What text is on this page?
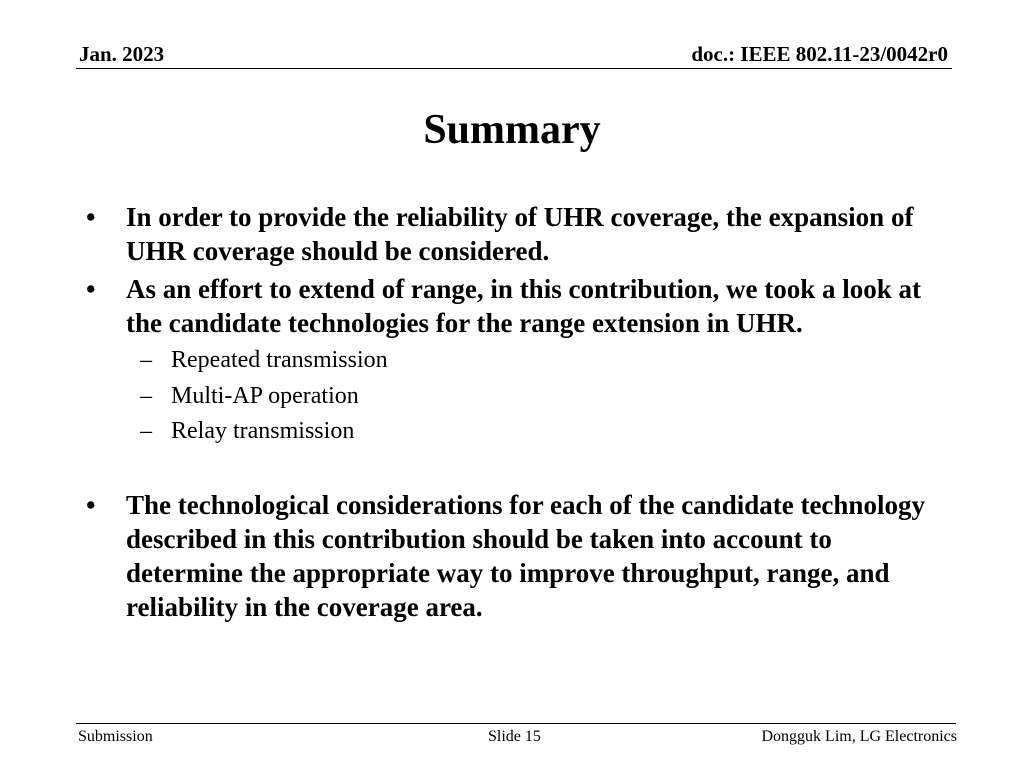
Jan. 2023	doc.: IEEE 802.11-23/0042r0
Summary
•	In order to provide the reliability of UHR coverage, the expansion of UHR coverage should be considered.
•	As an effort to extend of range, in this contribution, we took a look at the candidate technologies for the range extension in UHR.
– Repeated transmission
– Multi-AP operation
– Relay transmission
•	The technological considerations for each of the candidate technology described in this contribution should be taken into account to determine the appropriate way to improve throughput, range, and reliability in the coverage area.
Submission	Slide 15	Dongguk Lim, LG Electronics
